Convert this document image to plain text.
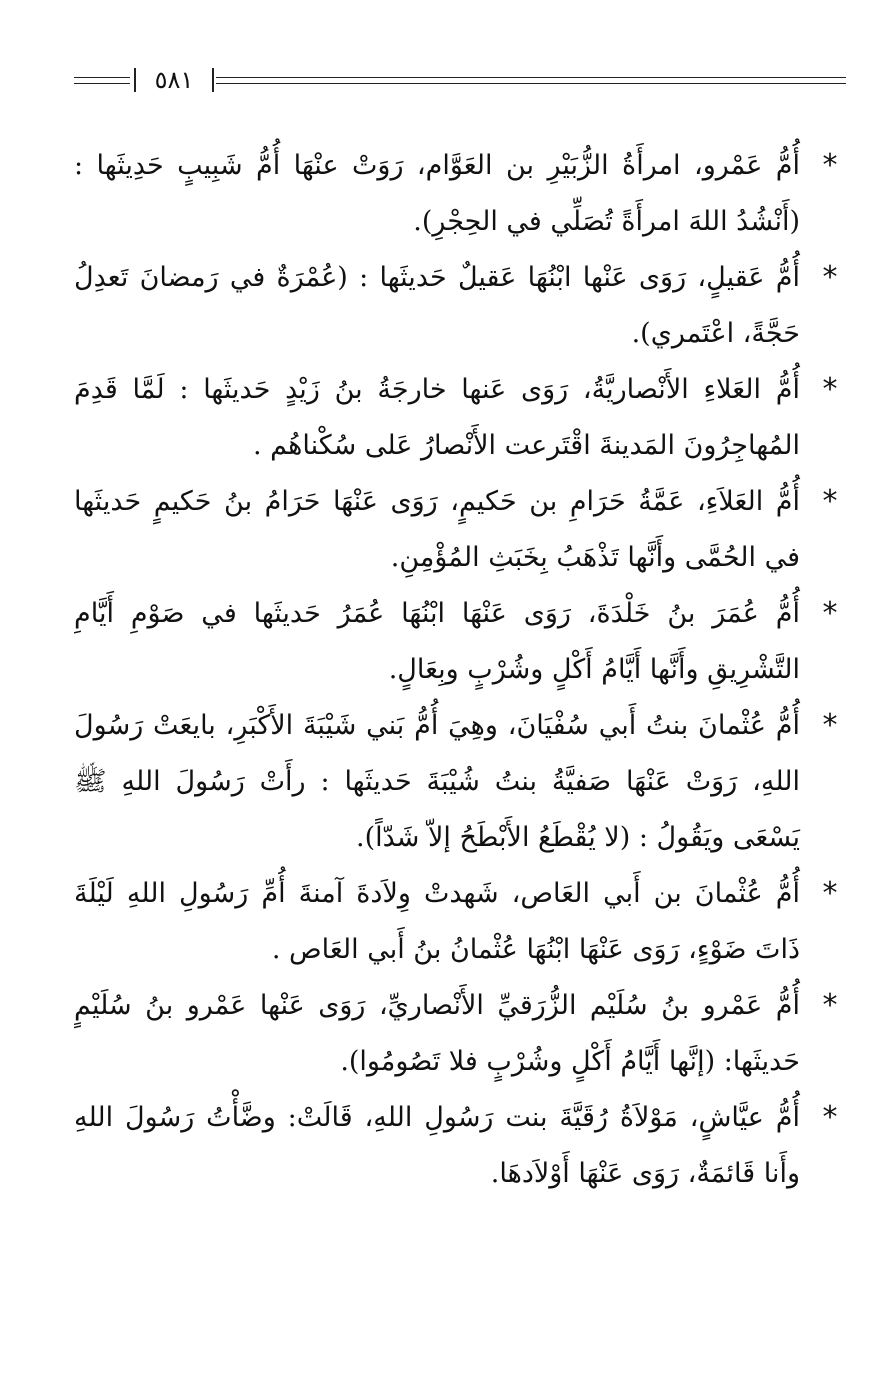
٥٨١
*
أُمُّ عَمْرو، امرأَةُ الزُّبَيْرِ بن العَوَّام، رَوَتْ عنْهَا أُمُّ شَبِيبٍ حَدِيثَها : (أَنْشُدُ اللهَ امرأَةً تُصَلِّي في الحِجْرِ).
*
أُمُّ عَقيلٍ، رَوَى عَنْها ابْنُهَا عَقيلٌ حَديثَها : (عُمْرَةٌ في رَمضانَ تَعدِلُ حَجَّةً، اعْتَمري).
*
أُمُّ العَلاءِ الأَنْصاريَّةُ، رَوَى عَنها خارجَةُ بنُ زَيْدٍ حَديثَها : لَمَّا قَدِمَ المُهاجِرُونَ المَدينةَ اقْتَرعت الأَنْصارُ عَلى سُكْناهُم .
*
أُمُّ العَلاَءِ، عَمَّةُ حَرَامِ بن حَكيمٍ، رَوَى عَنْهَا حَرَامُ بنُ حَكيمٍ حَديثَها في الحُمَّى وأَنَّها تَذْهَبُ بِخَبَثِ المُؤْمِنِ.
*
أُمُّ عُمَرَ بنُ خَلْدَةَ، رَوَى عَنْهَا ابْنُهَا عُمَرُ حَديثَها في صَوْمِ أَيَّامِ التَّشْرِيقِ وأَنَّها أَيَّامُ أَكْلٍ وشُرْبٍ وبِعَالٍ.
*
أُمُّ عُثْمانَ بنتُ أَبي سُفْيَانَ، وهِيَ أُمُّ بَني شَيْبَةَ الأَكْبَرِ، بايعَتْ رَسُولَ اللهِ، رَوَتْ عَنْهَا صَفيَّةُ بنتُ شُيْبَةَ حَديثَها : رأَتْ رَسُولَ اللهِ ﷺ يَسْعَى ويَقُولُ : (لا يُقْطَعُ الأَبْطَحُ إلاّ شَدّاً).
*
أُمُّ عُثْمانَ بن أَبي العَاص، شَهدتْ وِلاَدةَ آمنةَ أُمِّ رَسُولِ اللهِ لَيْلَةَ ذَاتَ ضَوْءٍ، رَوَى عَنْهَا ابْنُهَا عُثْمانُ بنُ أَبي العَاص .
*
أُمُّ عَمْرو بنُ سُلَيْم الزُّرَقيِّ الأَنْصاريِّ، رَوَى عَنْها عَمْرو بنُ سُلَيْمٍ حَديثَها: (إنَّها أَيَّامُ أَكْلٍ وشُرْبٍ فلا تَصُومُوا).
*
أُمُّ عيَّاشٍ، مَوْلاَةُ رُقَيَّةَ بنت رَسُولِ اللهِ، قَالَتْ: وضَّأْتُ رَسُولَ اللهِ وأَنا قَائمَةٌ، رَوَى عَنْهَا أَوْلاَدهَا.
